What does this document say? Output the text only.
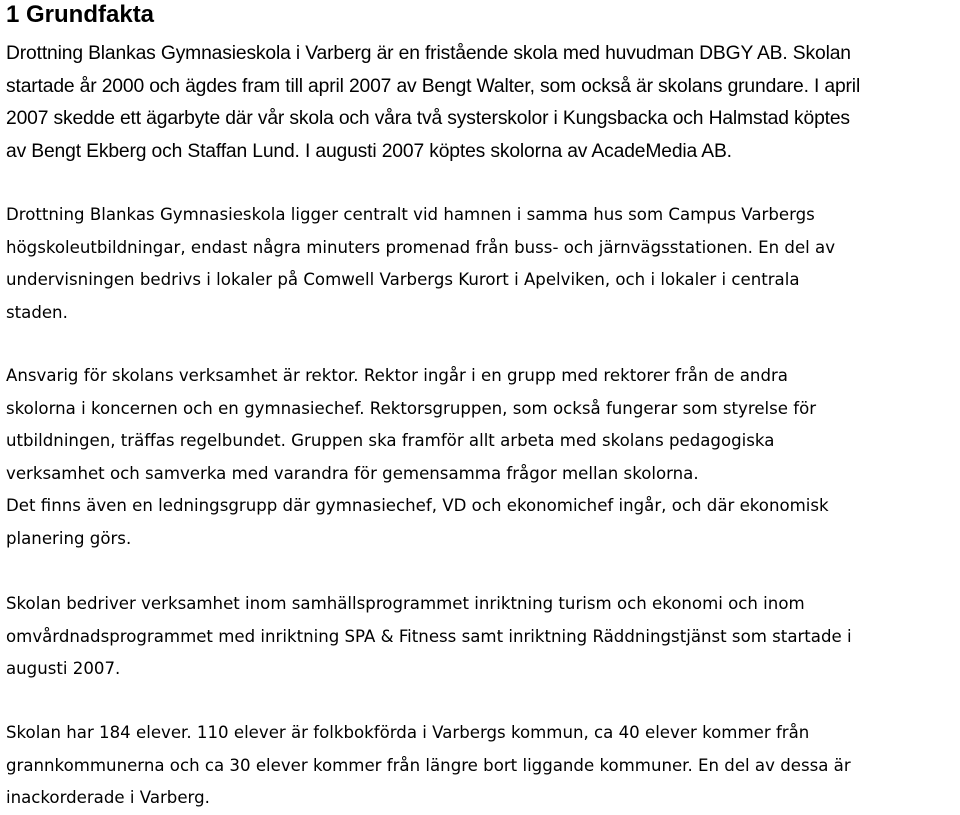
1 Grundfakta

Drottning Blankas Gymnasieskola i Varberg är en fristående skola med huvudman DBGY AB. Skolan
startade år 2000 och ägdes fram till april 2007 av Bengt Walter, som också är skolans grundare. I april
2007 skedde ett ägarbyte där vår skola och våra två systerskolor i Kungsbacka och Halmstad köptes
av Bengt Ekberg och Staffan Lund. I augusti 2007 köptes skolorna av AcadeMedia AB.

Drottning Blankas Gymnasieskola ligger centralt vid hamnen i samma hus som Campus Varbergs
högskoleutbildningar, endast några minuters promenad från buss- och järnvägsstationen. En del av
undervisningen bedrivs i lokaler på Comwell Varbergs Kurort i Apelviken, och i lokaler i centrala
staden.

Ansvarig för skolans verksamhet är rektor. Rektor ingår i en grupp med rektorer från de andra
skolorna i koncernen och en gymnasiechef. Rektorsgruppen, som också fungerar som styrelse för
utbildningen, träffas regelbundet. Gruppen ska framför allt arbeta med skolans pedagogiska
verksamhet och samverka med varandra för gemensamma frågor mellan skolorna.
Det finns även en ledningsgrupp där gymnasiechef, VD och ekonomichef ingår, och där ekonomisk
planering görs.

Skolan bedriver verksamhet inom samhällsprogrammet inriktning turism och ekonomi och inom
omvårdnadsprogrammet med inriktning SPA & Fitness samt inriktning Räddningstjänst som startade i
augusti 2007.

Skolan har 184 elever. 110 elever är folkbokförda i Varbergs kommun, ca 40 elever kommer från
grannkommunerna och ca 30 elever kommer från längre bort liggande kommuner. En del av dessa är
inackorderade i Varberg.
